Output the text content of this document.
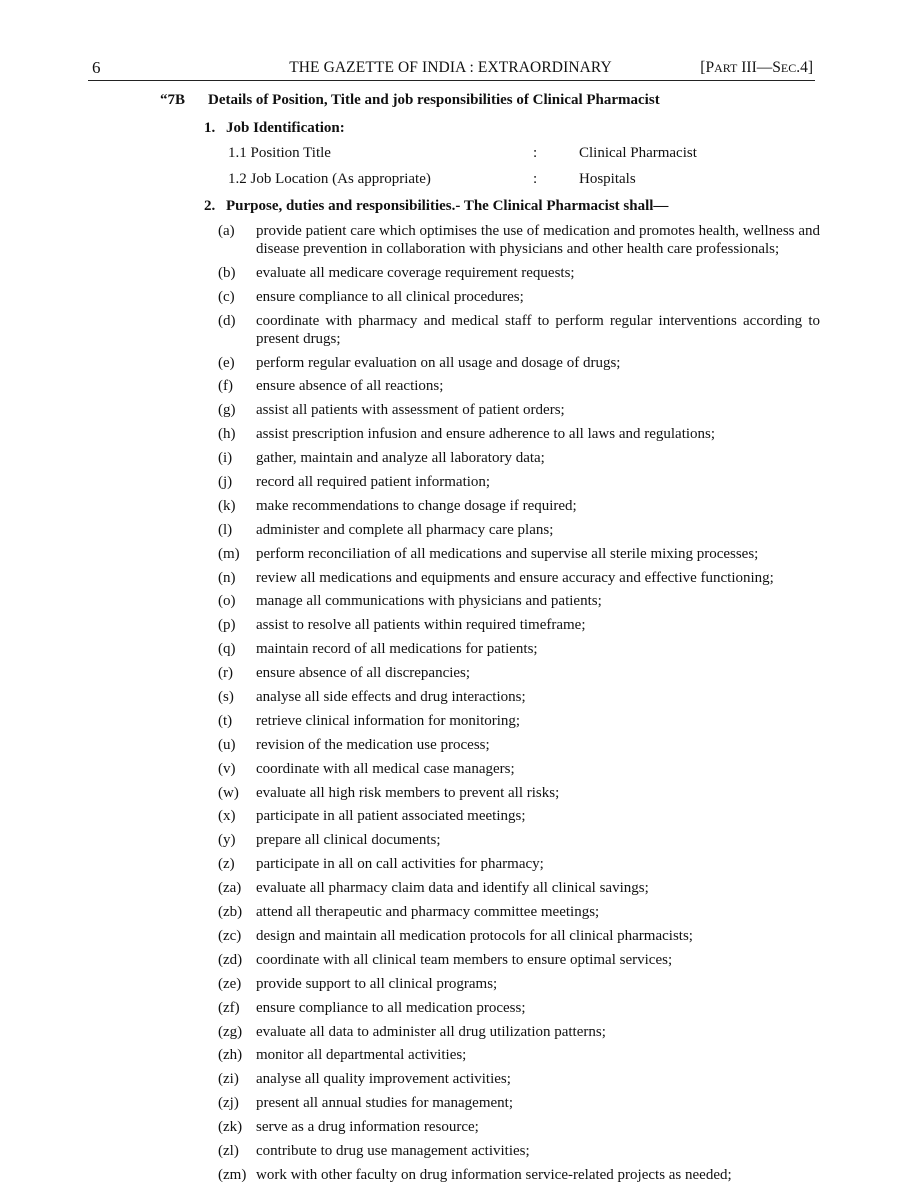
6	THE GAZETTE OF INDIA : EXTRAORDINARY	[PART III—SEC.4]
“7B Details of Position, Title and job responsibilities of Clinical Pharmacist
1. Job Identification:
1.1 Position Title	:	Clinical Pharmacist
1.2 Job Location (As appropriate)	:	Hospitals
2. Purpose, duties and responsibilities.- The Clinical Pharmacist shall—
(a) provide patient care which optimises the use of medication and promotes health, wellness and disease prevention in collaboration with physicians and other health care professionals;
(b) evaluate all medicare coverage requirement requests;
(c) ensure compliance to all clinical procedures;
(d) coordinate with pharmacy and medical staff to perform regular interventions according to present drugs;
(e) perform regular evaluation on all usage and dosage of drugs;
(f) ensure absence of all reactions;
(g) assist all patients with assessment of patient orders;
(h) assist prescription infusion and ensure adherence to all laws and regulations;
(i) gather, maintain and analyze all laboratory data;
(j) record all required patient information;
(k) make recommendations to change dosage if required;
(l) administer and complete all pharmacy care plans;
(m) perform reconciliation of all medications and supervise all sterile mixing processes;
(n) review all medications and equipments and ensure accuracy and effective functioning;
(o) manage all communications with physicians and patients;
(p) assist to resolve all patients within required timeframe;
(q) maintain record of all medications for patients;
(r) ensure absence of all discrepancies;
(s) analyse all side effects and drug interactions;
(t) retrieve clinical information for monitoring;
(u) revision of the medication use process;
(v) coordinate with all medical case managers;
(w) evaluate all high risk members to prevent all risks;
(x) participate in all patient associated meetings;
(y) prepare all clinical documents;
(z) participate in all on call activities for pharmacy;
(za) evaluate all pharmacy claim data and identify all clinical savings;
(zb) attend all therapeutic and pharmacy committee meetings;
(zc) design and maintain all medication protocols for all clinical pharmacists;
(zd) coordinate with all clinical team members to ensure optimal services;
(ze) provide support to all clinical programs;
(zf) ensure compliance to all medication process;
(zg) evaluate all data to administer all drug utilization patterns;
(zh) monitor all departmental activities;
(zi) analyse all quality improvement activities;
(zj) present all annual studies for management;
(zk) serve as a drug information resource;
(zl) contribute to drug use management activities;
(zm) work with other faculty on drug information service-related projects as needed;
